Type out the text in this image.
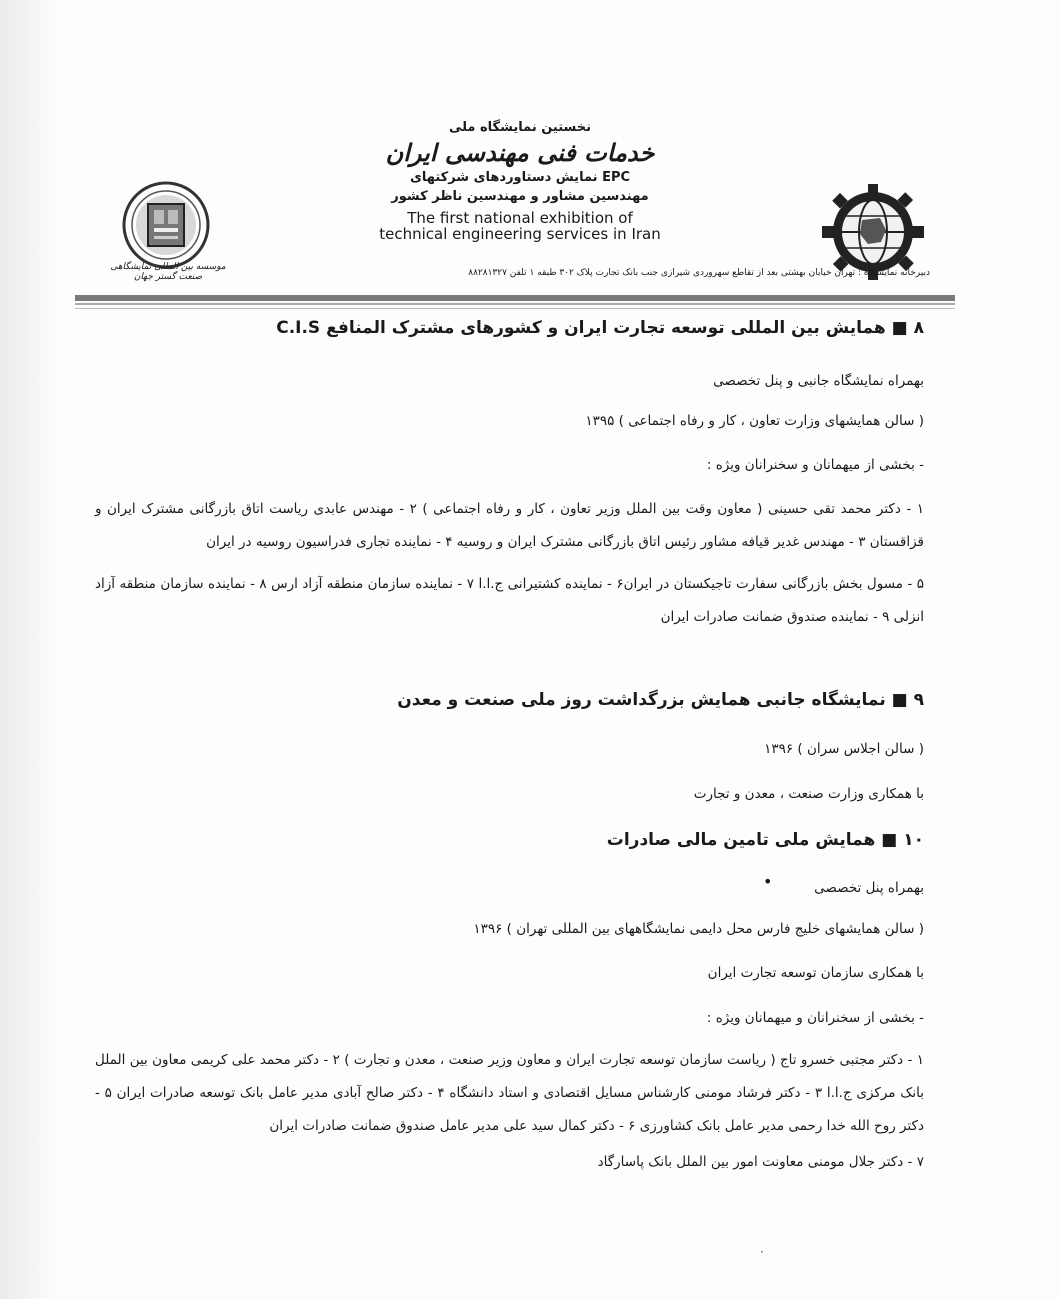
نخستین نمایشگاه ملی
خدمات فنی مهندسی ایران
نمایش دستاوردهای شرکتهای EPC
مهندسین مشاور و مهندسین ناظر کشور
The first national exhibition of
technical engineering services in Iran
موسسه بین المللی نمایشگاهی صنعت گستر جهان	دبیرخانه نمایشگاه : تهران خیابان بهشتی بعد از تقاطع سهروردی شیرازی جنب بانک تجارت پلاک ۳۰۲ طبقه ۱ تلفن ۸۸۲۸۱۳۲۷
۸ ■ همایش بین المللی توسعه تجارت ایران و کشورهای مشترک المنافع C.I.S
بهمراه نمایشگاه جانبی و پنل تخصصی
( سالن همایشهای وزارت تعاون ، کار و رفاه اجتماعی ) ۱۳۹۵
- بخشی از میهمانان و سخنرانان ویژه :
۱ - دکتر محمد تقی حسینی ( معاون وقت بین الملل وزیر تعاون ، کار و رفاه اجتماعی ) ۲ - مهندس عابدی ریاست اتاق بازرگانی مشترک ایران و قزاقستان ۳ - مهندس غدیر قیافه مشاور رئیس اتاق بازرگانی مشترک ایران و روسیه ۴ - نماینده تجاری فدراسیون روسیه در ایران
۵ - مسول بخش بازرگانی سفارت تاجیکستان در ایران۶ - نماینده کشتیرانی ج.ا.ا ۷ - نماینده سازمان منطقه آزاد ارس ۸ - نماینده سازمان منطقه آزاد انزلی ۹ - نماینده صندوق ضمانت صادرات ایران
۹ ■ نمایشگاه جانبی همایش بزرگداشت روز ملی صنعت و معدن
( سالن اجلاس سران ) ۱۳۹۶
با همکاری وزارت صنعت ، معدن و تجارت
۱۰ ■ همایش ملی تامین مالی صادرات
•	بهمراه پنل تخصصی
( سالن همایشهای خلیج فارس محل دایمی نمایشگاههای بین المللی تهران ) ۱۳۹۶
با همکاری سازمان توسعه تجارت ایران
- بخشی از سخنرانان و میهمانان ویژه :
۱ - دکتر مجتبی خسرو تاج ( ریاست سازمان توسعه تجارت ایران و معاون وزیر صنعت ، معدن و تجارت ) ۲ - دکتر محمد علی کریمی معاون بین الملل بانک مرکزی ج.ا.ا ۳ - دکتر فرشاد مومنی کارشناس مسایل اقتصادی و استاد دانشگاه ۴ - دکتر صالح آبادی مدیر عامل بانک توسعه صادرات ایران ۵ - دکتر روح الله خدا رحمی مدیر عامل بانک کشاورزی ۶ - دکتر کمال سید علی مدیر عامل صندوق ضمانت صادرات ایران
۷ - دکتر جلال مومنی معاونت امور بین الملل بانک پاسارگاد
·
